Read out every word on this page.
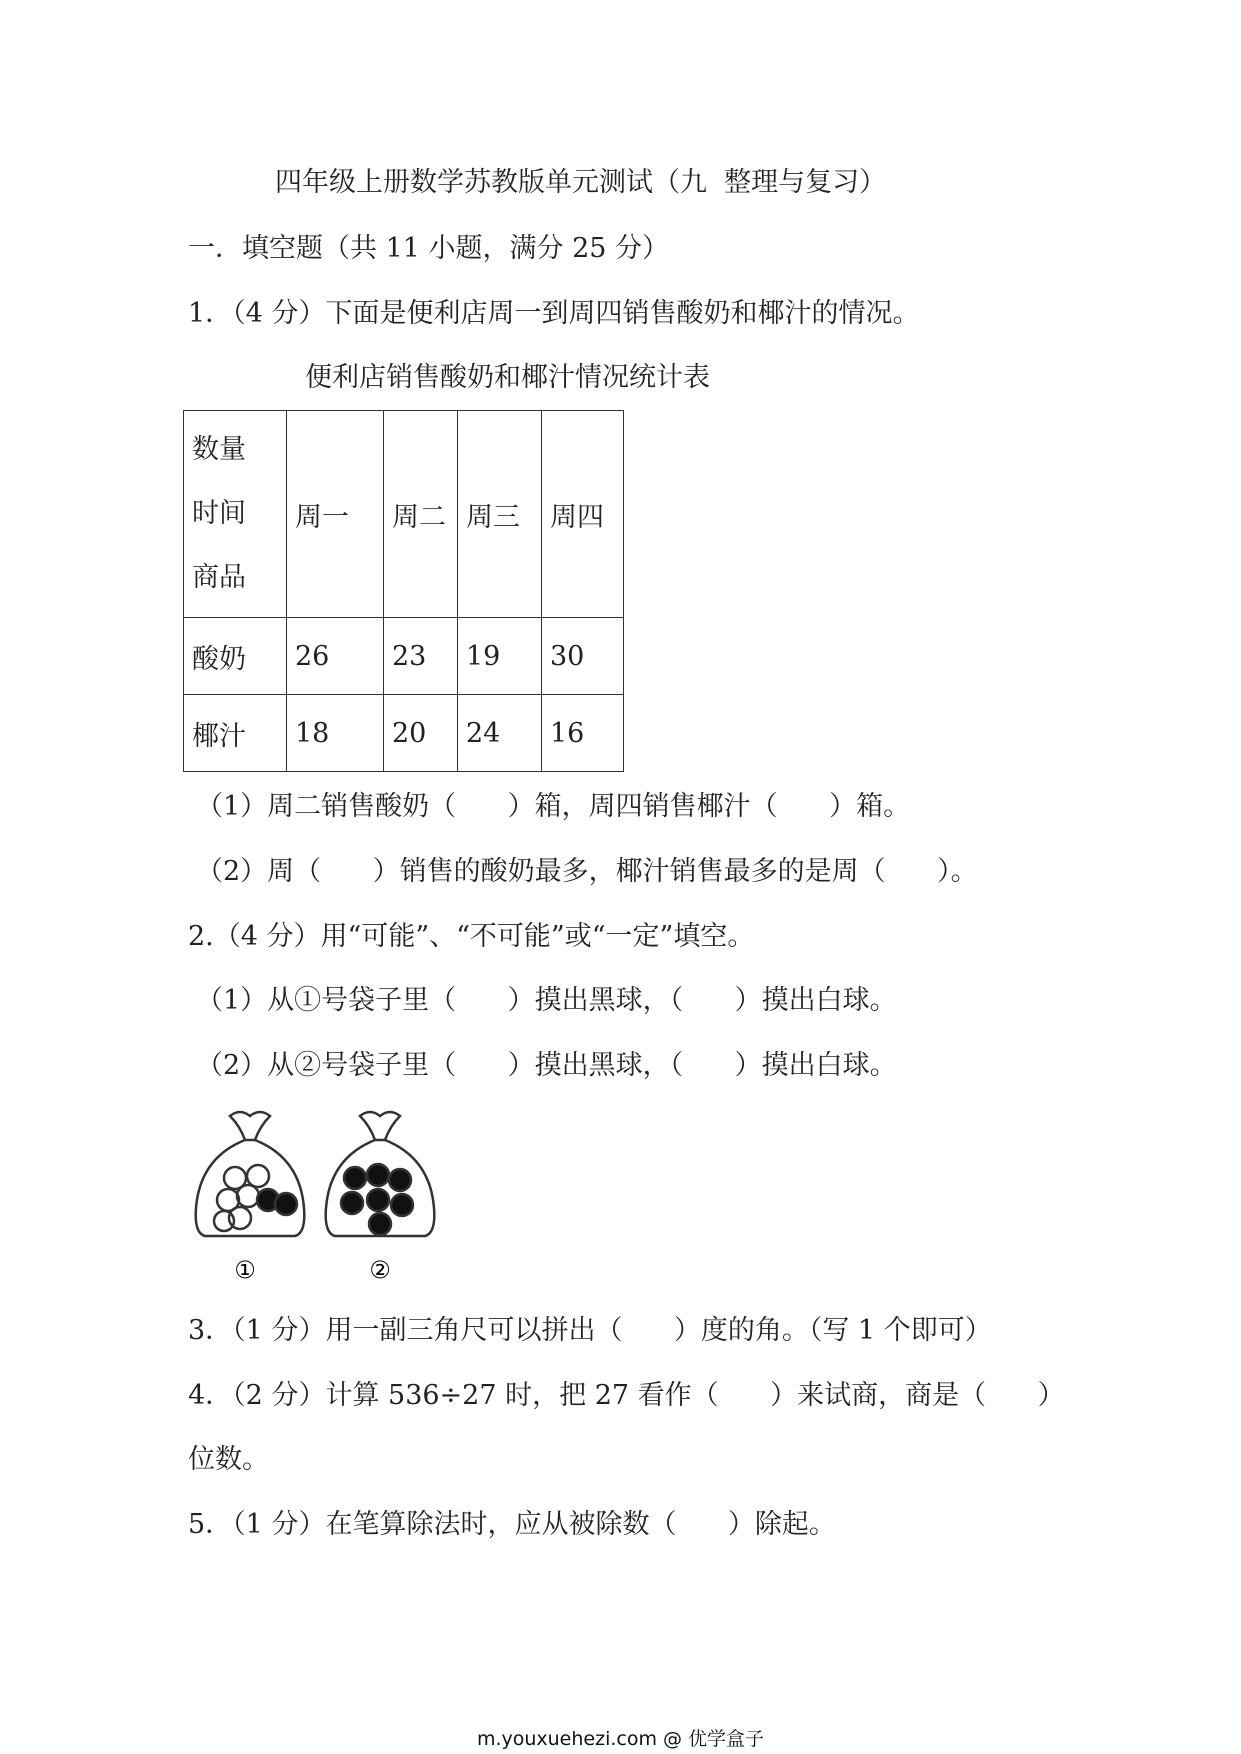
四年级上册数学苏教版单元测试（九  整理与复习）
一．填空题（共 11 小题，满分 25 分）
1．（4 分）下面是便利店周一到周四销售酸奶和椰汁的情况。
便利店销售酸奶和椰汁情况统计表
数量
时间
商品	周一	周二	周三	周四
酸奶	26	23	19	30
椰汁	18	20	24	16
（1）周二销售酸奶（      ）箱，周四销售椰汁（      ）箱。
（2）周（      ）销售的酸奶最多，椰汁销售最多的是周（      ）。
2.（4 分）用“可能”、“不可能”或“一定”填空。
（1）从①号袋子里（      ）摸出黑球，（      ）摸出白球。
（2）从②号袋子里（      ）摸出黑球，（      ）摸出白球。
①	②
3．（1 分）用一副三角尺可以拼出（      ）度的角。（写 1 个即可）
4．（2 分）计算 536÷27 时，把 27 看作（      ）来试商，商是（      ）
位数。
5．（1 分）在笔算除法时，应从被除数（      ）除起。
m.youxuehezi.com @ 优学盒子
